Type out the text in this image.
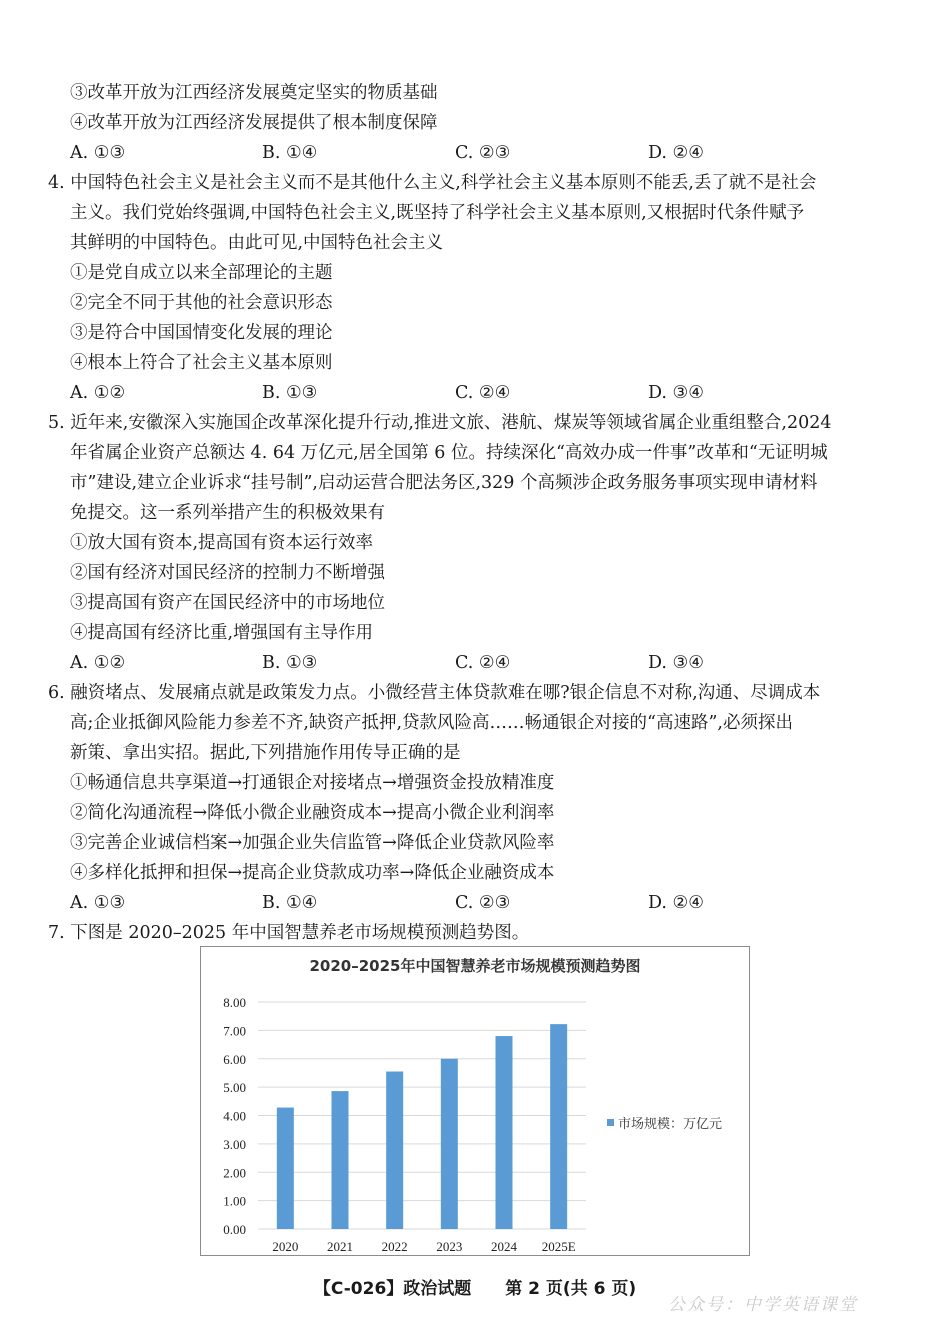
③改革开放为江西经济发展奠定坚实的物质基础
④改革开放为江西经济发展提供了根本制度保障
A. ①③	B. ①④	C. ②③	D. ②④
4. 中国特色社会主义是社会主义而不是其他什么主义,科学社会主义基本原则不能丢,丢了就不是社会
主义。我们党始终强调,中国特色社会主义,既坚持了科学社会主义基本原则,又根据时代条件赋予
其鲜明的中国特色。由此可见,中国特色社会主义
①是党自成立以来全部理论的主题
②完全不同于其他的社会意识形态
③是符合中国国情变化发展的理论
④根本上符合了社会主义基本原则
A. ①②	B. ①③	C. ②④	D. ③④
5. 近年来,安徽深入实施国企改革深化提升行动,推进文旅、港航、煤炭等领域省属企业重组整合,2024
年省属企业资产总额达 4. 64 万亿元,居全国第 6 位。持续深化“高效办成一件事”改革和“无证明城
市”建设,建立企业诉求“挂号制”,启动运营合肥法务区,329 个高频涉企政务服务事项实现申请材料
免提交。这一系列举措产生的积极效果有
①放大国有资本,提高国有资本运行效率
②国有经济对国民经济的控制力不断增强
③提高国有资产在国民经济中的市场地位
④提高国有经济比重,增强国有主导作用
A. ①②	B. ①③	C. ②④	D. ③④
6. 融资堵点、发展痛点就是政策发力点。小微经营主体贷款难在哪?银企信息不对称,沟通、尽调成本
高;企业抵御风险能力参差不齐,缺资产抵押,贷款风险高……畅通银企对接的“高速路”,必须探出
新策、拿出实招。据此,下列措施作用传导正确的是
①畅通信息共享渠道→打通银企对接堵点→增强资金投放精准度
②简化沟通流程→降低小微企业融资成本→提高小微企业利润率
③完善企业诚信档案→加强企业失信监管→降低企业贷款风险率
④多样化抵押和担保→提高企业贷款成功率→降低企业融资成本
A. ①③	B. ①④	C. ②③	D. ②④
7. 下图是 2020–2025 年中国智慧养老市场规模预测趋势图。
2020–2025年中国智慧养老市场规模预测趋势图
0.00
1.00
2.00
3.00
4.00
5.00
6.00
7.00
8.00
2020 2021 2022 2023 2024 2025E
市场规模：万亿元
【C-026】政治试题　　第 2 页(共 6 页)
公众号：中学英语课堂
